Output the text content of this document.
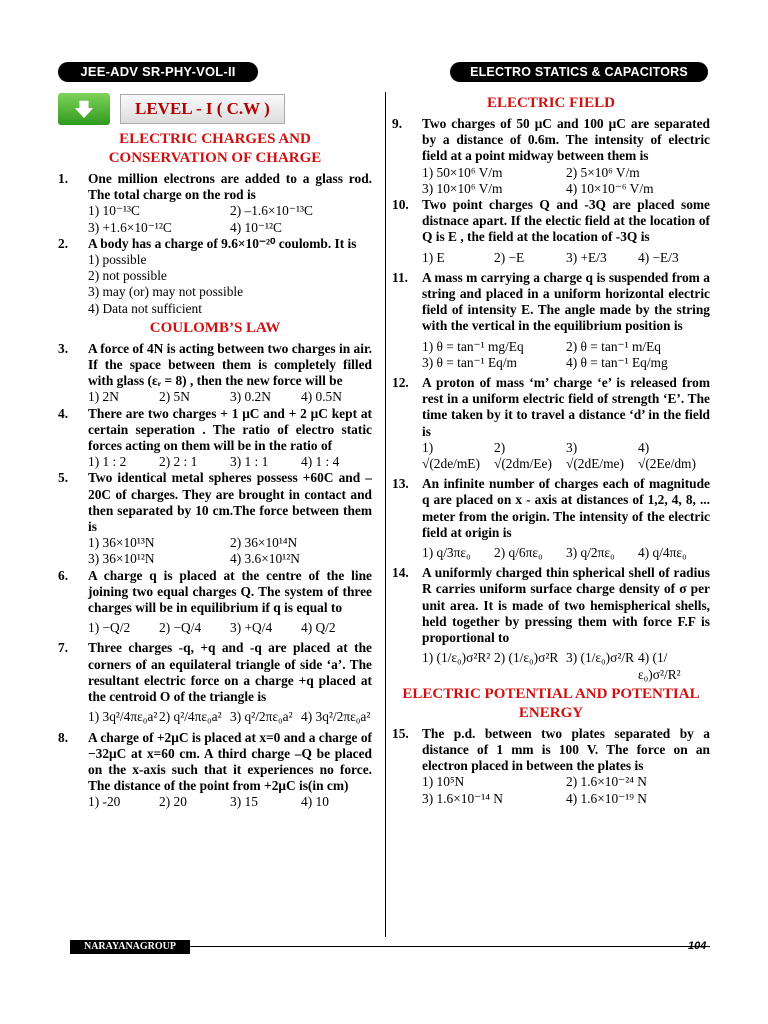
JEE-ADV SR-PHY-VOL-II	ELECTRO STATICS & CAPACITORS
LEVEL - I ( C.W )
ELECTRIC CHARGES AND CONSERVATION OF CHARGE
1.	One million electrons are added to a glass rod. The total charge on the rod is
1) 10⁻¹³C	2) –1.6×10⁻¹³C
3) +1.6×10⁻¹²C	4) 10⁻¹²C
2.	A body has a charge of 9.6×10⁻²⁰ coulomb. It is
1) possible
2) not possible
3) may (or) may not possible
4) Data not sufficient
COULOMB’S LAW
3.	A force of 4N is acting between two charges in air. If the space between them is completely filled with glass (εᵣ = 8) , then the new force will be
1) 2N	2) 5N	3) 0.2N	4) 0.5N
4.	There are two charges + 1 μC and + 2 μC kept at certain seperation . The ratio of electro static forces acting on them will be in the ratio of
1) 1 : 2	2) 2 : 1	3) 1 : 1	4) 1 : 4
5.	Two identical metal spheres possess +60C and –20C of charges. They are brought in contact and then separated by 10 cm.The force between them is
1) 36×10¹³N	2) 36×10¹⁴N
3) 36×10¹²N	4) 3.6×10¹²N
6.	A charge q is placed at the centre of the line joining two equal charges Q. The system of three charges will be in equilibrium if q is equal to
1) −Q/2	2) −Q/4	3) +Q/4	4) Q/2
7.	Three charges -q, +q and -q are placed at the corners of an equilateral triangle of side ‘a’. The resultant electric force on a charge +q placed at the centroid O of the triangle is
1) 3q²/4πε₀a² 2) q²/4πε₀a² 3) q²/2πε₀a² 4) 3q²/2πε₀a²
8.	A charge of +2μC is placed at x=0 and a charge of −32μC at x=60 cm. A third charge –Q be placed on the x-axis such that it experiences no force. The distance of the point from +2μC is(in cm)
1) -20	2) 20	3) 15	4) 10
ELECTRIC FIELD
9.	Two charges of 50 μC and 100 μC are separated by a distance of 0.6m. The intensity of electric field at a point midway between them is
1) 50×10⁶ V/m	2) 5×10⁶ V/m
3) 10×10⁶ V/m	4) 10×10⁻⁶ V/m
10. Two point charges Q and -3Q are placed some distnace apart. If the electic field at the location of Q is E , the field at the location of -3Q is
1) E	2) −E	3) +E/3	4) −E/3
11.	A mass m carrying a charge q is suspended from a string and placed in a uniform horizontal electric field of intensity E. The angle made by the string with the vertical in the equilibrium position is
1) θ = tan⁻¹ mg/Eq	2) θ = tan⁻¹ m/Eq
3) θ = tan⁻¹ Eq/m	4) θ = tan⁻¹ Eq/mg
12. A proton of mass ‘m’ charge ‘e’ is released from rest in a uniform electric field of strength ‘E’. The time taken by it to travel a distance ‘d’ in the field is
1) √(2de/mE)
2) √(2dm/Ee)
3) √(2dE/me)
4) √(2Ee/dm)
13. An infinite number of charges each of magnitude q are placed on x - axis at distances of 1,2, 4, 8, ... meter from the origin. The intensity of the electric field at origin is
1) q/3πε₀	2) q/6πε₀	3) q/2πε₀	4) q/4πε₀
14. A uniformly charged thin spherical shell of radius R carries uniform surface charge density of σ per unit area. It is made of two hemispherical shells, held together by pressing them with force F.F is proportional to
1) (1/ε₀)σ²R² 2) (1/ε₀)σ²R 3) (1/ε₀)σ²/R 4) (1/ε₀)σ²/R²
ELECTRIC POTENTIAL AND POTENTIAL ENERGY
15. The p.d. between two plates separated by a distance of 1 mm is 100 V. The force on an electron placed in between the plates is
1) 10⁵N	2) 1.6×10⁻²⁴ N
3) 1.6×10⁻¹⁴ N	4) 1.6×10⁻¹⁹ N
NARAYANAGROUP	104
